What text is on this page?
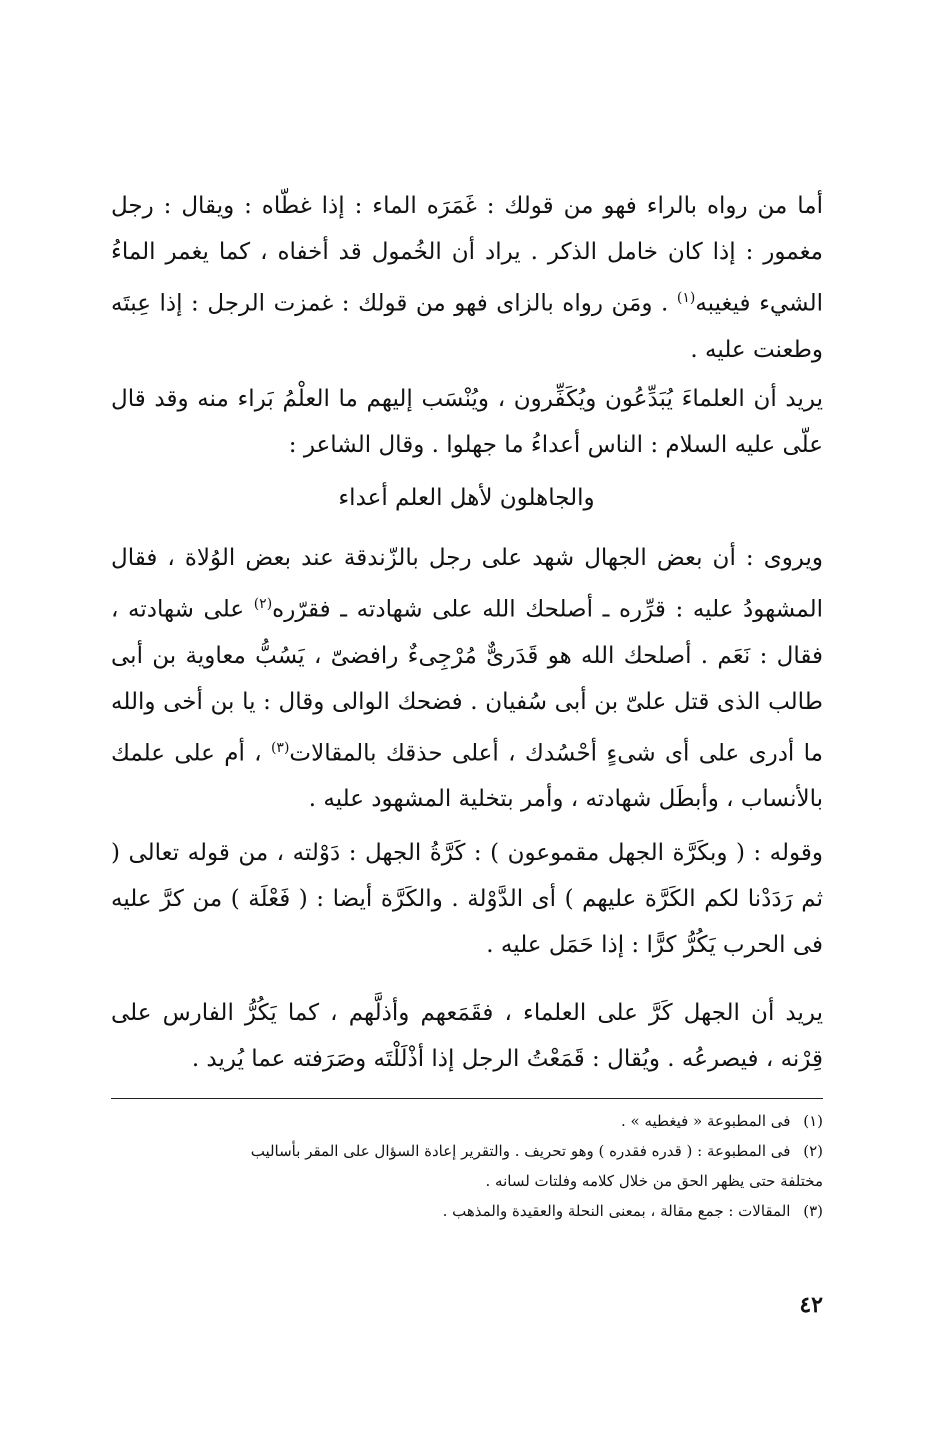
أما من رواه بالراء فهو من قولك : غَمَرَه الماء : إذا غطّاه : ويقال : رجل مغمور : إذا كان خامل الذكر . يراد أن الخُمول قد أخفاه ، كما يغمر الماءُ الشيء فيغيبه$^{(١)}$ . ومَن رواه بالزاى فهو من قولك : غمزت الرجل : إذا عِبتَه وطعنت عليه .
يريد أن العلماءَ يُبَدِّعُون ويُكَفِّرون ، ويُنْسَب إليهم ما العلْمُ بَراء منه وقد قال علّى عليه السلام : الناس أعداءُ ما جهلوا . وقال الشاعر :
والجاهلون لأهل العلم أعداء
ويروى : أن بعض الجهال شهد على رجل بالزّندقة عند بعض الوُلاة ، فقال المشهودُ عليه : قرِّره ـ أصلحك الله على شهادته ـ فقرّره$^{(٢)}$ على شهادته ، فقال : نَعَم . أصلحك الله هو قَدَرىٌّ مُرْجِىءٌ رافضىّ ، يَسُبُّ معاوية بن أبى طالب الذى قتل علىّ بن أبى سُفيان . فضحك الوالى وقال : يا بن أخى والله ما أدرى على أى شىءٍ أحْسُدك ، أعلى حذقك بالمقالات$^{(٣)}$ ، أم على علمك بالأنساب ، وأبطَل شهادته ، وأمر بتخلية المشهود عليه .
وقوله : ( وبكَرَّة الجهل مقموعون ) : كَرَّةُ الجهل : دَوْلته ، من قوله تعالى ( ثم رَدَدْنا لكم الكَرَّة عليهم ) أى الدَّوْلة . والكَرَّة أيضا : ( فَعْلَة ) من كرَّ عليه فى الحرب يَكُرُّ كرًّا : إذا حَمَل عليه .
يريد أن الجهل كَرَّ على العلماء ، فقَمَعهم وأذلَّهم ، كما يَكُرُّ الفارس على قِرْنه ، فيصرعُه . ويُقال : قَمَعْتُ الرجل إذا أذْلَلْتَه وصَرَفته عما يُريد .

(١) فى المطبوعة « فيغطيه » .

(٢) فى المطبوعة : ( قدره فقدره ) وهو تحريف . والتقرير إعادة السؤال على المقر بأساليب

مختلفة حتى يظهر الحق من خلال كلامه وفلتات لسانه .

(٣) المقالات : جمع مقالة ، بمعنى النحلة والعقيدة والمذهب .

٤٢
